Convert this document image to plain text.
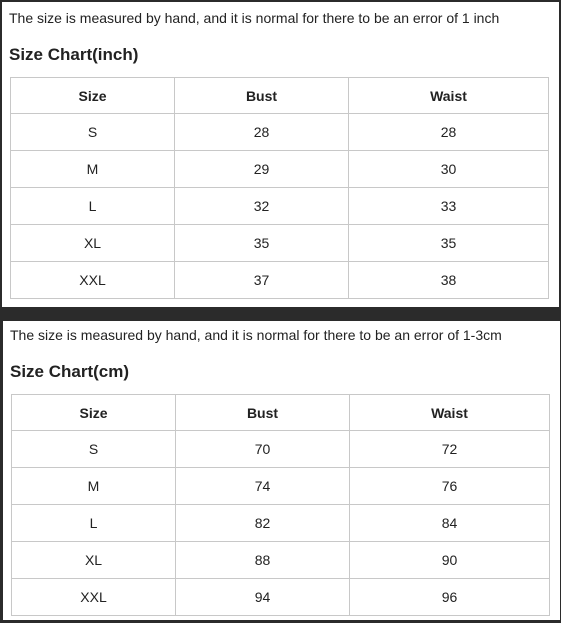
The size is measured by hand, and it is normal for there to be an error of 1 inch
Size Chart(inch)
Size	Bust	Waist
S	28	28
M	29	30
L	32	33
XL	35	35
XXL	37	38
The size is measured by hand, and it is normal for there to be an error of 1-3cm
Size Chart(cm)
Size	Bust	Waist
S	70	72
M	74	76
L	82	84
XL	88	90
XXL	94	96
